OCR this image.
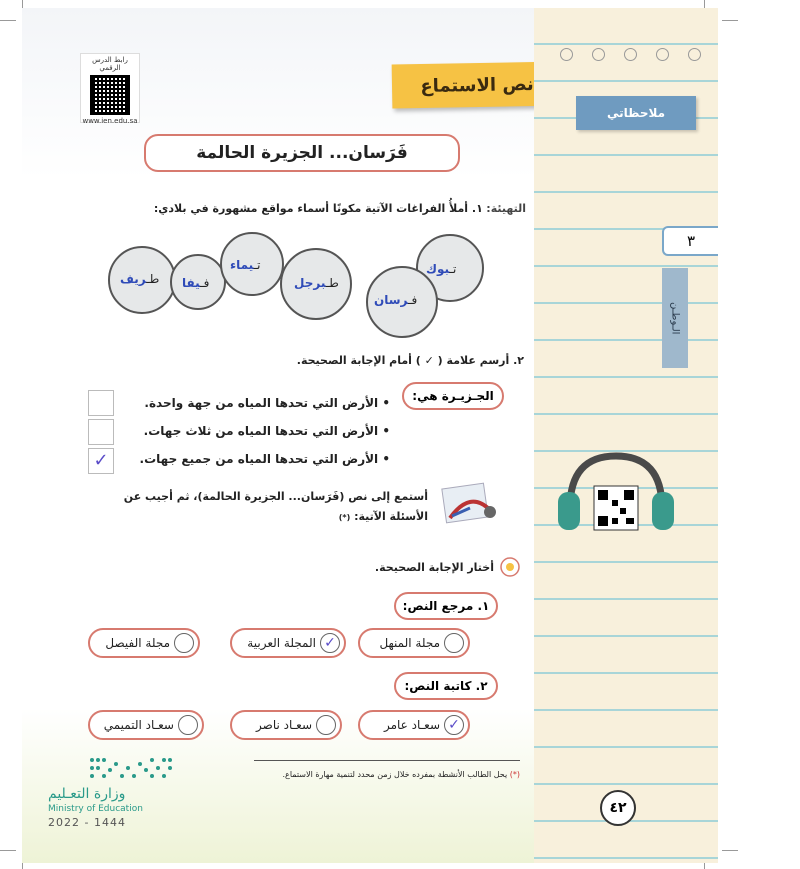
رابط الدرس الرقمي
www.ien.edu.sa
فَرَسان... الجزيرة الحالمة
التهيئة: ١. أملأُ الفراغات الآتية مكونًا أسماء مواقع مشهورة في بلادي:
تـبوك
فـرسان
طـبرجل
تـيماء
فـيفا
طـريف
٢. أرسم علامة ( ✓ ) أمام الإجابة الصحيحة.
الجـزيـرة هي:
• الأرض التي تحدها المياه من جهة واحدة.
• الأرض التي تحدها المياه من ثلاث جهات.
• الأرض التي تحدها المياه من جميع جهات.
✓
أستمع إلى نص (فَرَسان... الجزيرة الحالمة)، ثم أجيب عن
الأسئلة الآتية: (*)
أختار الإجابة الصحيحة.
١. مرجع النص:
مجلة المنهل
✓
المجلة العربية
مجلة الفيصل
٢. كاتبة النص:
✓
سعـاد عامر
سعـاد ناصر
سعـاد التميمي
(*) يحل الطالب الأنشطة بمفرده خلال زمن محدد لتنمية مهارة الاستماع.
وزارة التعـليم
Ministry of Education
2022 - 1444
نص الاستماع
ملاحظاتي
٣
الـوطـن
٤٢
